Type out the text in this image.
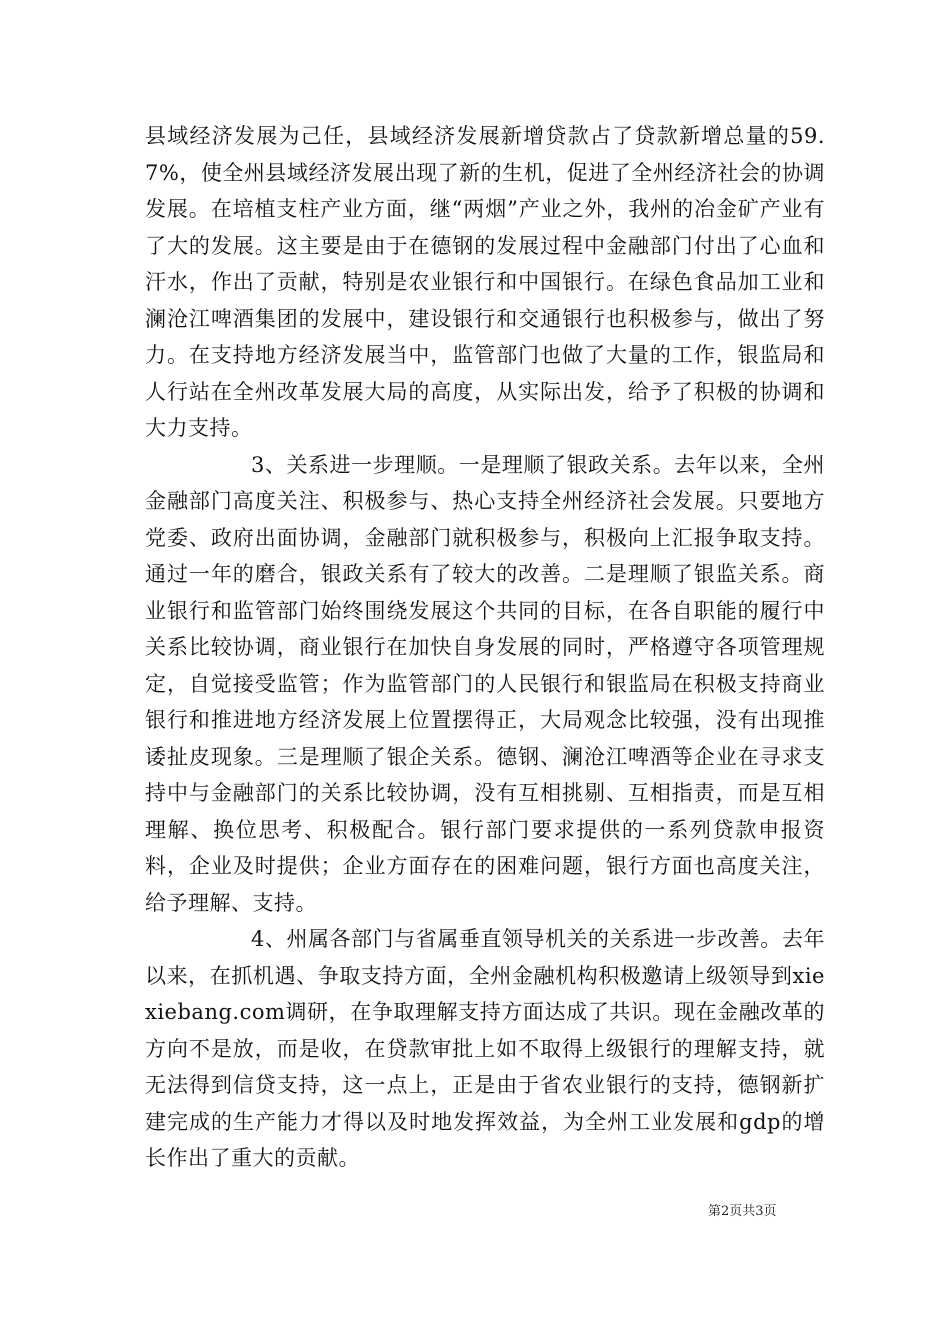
县域经济发展为己任，县域经济发展新增贷款占了贷款新增总量的59.7%，使全州县域经济发展出现了新的生机，促进了全州经济社会的协调发展。在培植支柱产业方面，继“两烟”产业之外，我州的冶金矿产业有了大的发展。这主要是由于在德钢的发展过程中金融部门付出了心血和汗水，作出了贡献，特别是农业银行和中国银行。在绿色食品加工业和澜沧江啤酒集团的发展中，建设银行和交通银行也积极参与，做出了努力。在支持地方经济发展当中，监管部门也做了大量的工作，银监局和人行站在全州改革发展大局的高度，从实际出发，给予了积极的协调和大力支持。

3、关系进一步理顺。一是理顺了银政关系。去年以来，全州金融部门高度关注、积极参与、热心支持全州经济社会发展。只要地方党委、政府出面协调，金融部门就积极参与，积极向上汇报争取支持。通过一年的磨合，银政关系有了较大的改善。二是理顺了银监关系。商业银行和监管部门始终围绕发展这个共同的目标，在各自职能的履行中关系比较协调，商业银行在加快自身发展的同时，严格遵守各项管理规定，自觉接受监管；作为监管部门的人民银行和银监局在积极支持商业银行和推进地方经济发展上位置摆得正，大局观念比较强，没有出现推诿扯皮现象。三是理顺了银企关系。德钢、澜沧江啤酒等企业在寻求支持中与金融部门的关系比较协调，没有互相挑剔、互相指责，而是互相理解、换位思考、积极配合。银行部门要求提供的一系列贷款申报资料，企业及时提供；企业方面存在的困难问题，银行方面也高度关注，给予理解、支持。

4、州属各部门与省属垂直领导机关的关系进一步改善。去年以来，在抓机遇、争取支持方面，全州金融机构积极邀请上级领导到xiexiebang.com调研，在争取理解支持方面达成了共识。现在金融改革的方向不是放，而是收，在贷款审批上如不取得上级银行的理解支持，就无法得到信贷支持，这一点上，正是由于省农业银行的支持，德钢新扩建完成的生产能力才得以及时地发挥效益，为全州工业发展和gdp的增长作出了重大的贡献。

第2页共3页
